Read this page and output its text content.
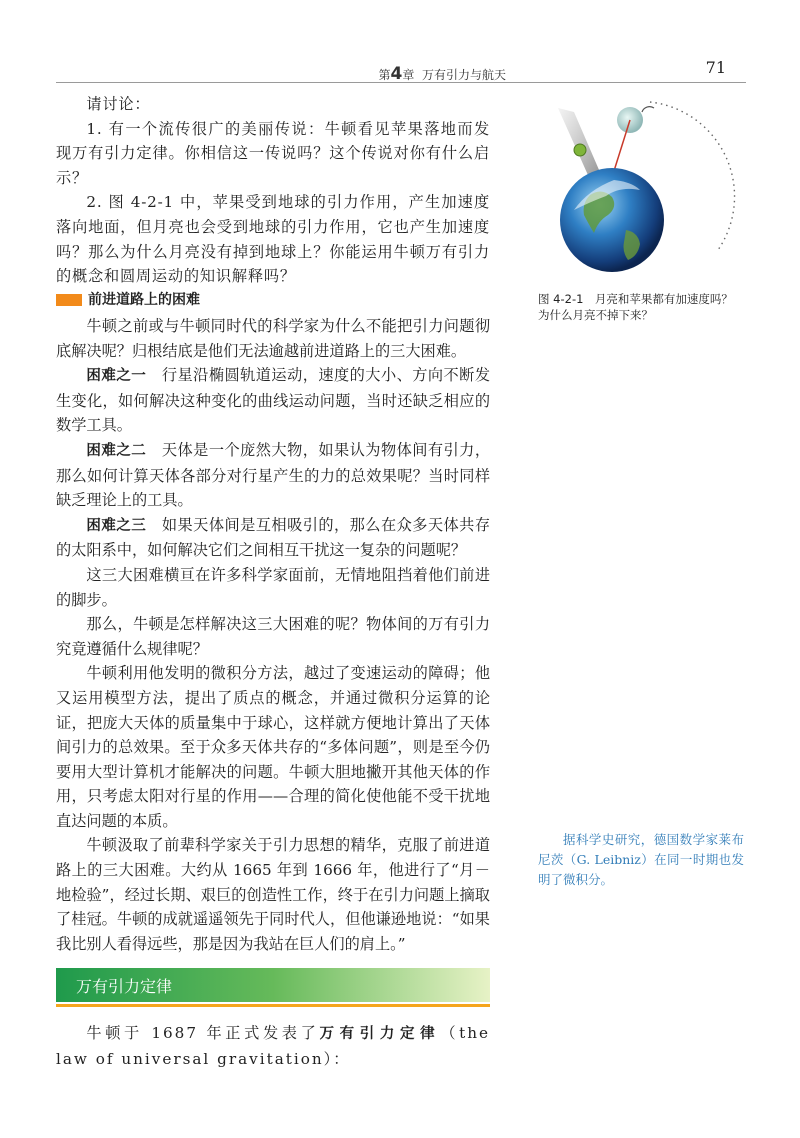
第4章 万有引力与航天	71

请讨论：

1. 有一个流传很广的美丽传说：牛顿看见苹果落地而发现万有引力定律。你相信这一传说吗？这个传说对你有什么启示？

2. 图 4-2-1 中，苹果受到地球的引力作用，产生加速度落向地面，但月亮也会受到地球的引力作用，它也产生加速度吗？那么为什么月亮没有掉到地球上？你能运用牛顿万有引力的概念和圆周运动的知识解释吗？

前进道路上的困难

牛顿之前或与牛顿同时代的科学家为什么不能把引力问题彻底解决呢？归根结底是他们无法逾越前进道路上的三大困难。

困难之一　 行星沿椭圆轨道运动，速度的大小、方向不断发生变化，如何解决这种变化的曲线运动问题，当时还缺乏相应的数学工具。

困难之二　 天体是一个庞然大物，如果认为物体间有引力，那么如何计算天体各部分对行星产生的力的总效果呢？当时同样缺乏理论上的工具。

困难之三　 如果天体间是互相吸引的，那么在众多天体共存的太阳系中，如何解决它们之间相互干扰这一复杂的问题呢？

这三大困难横亘在许多科学家面前，无情地阻挡着他们前进的脚步。

那么，牛顿是怎样解决这三大困难的呢？物体间的万有引力究竟遵循什么规律呢？

牛顿利用他发明的微积分方法，越过了变速运动的障碍；他又运用模型方法，提出了质点的概念，并通过微积分运算的论证，把庞大天体的质量集中于球心，这样就方便地计算出了天体间引力的总效果。至于众多天体共存的“多体问题”，则是至今仍要用大型计算机才能解决的问题。牛顿大胆地撇开其他天体的作用，只考虑太阳对行星的作用——合理的简化使他能不受干扰地直达问题的本质。

牛顿汲取了前辈科学家关于引力思想的精华，克服了前进道路上的三大困难。大约从 1665 年到 1666 年，他进行了“月－地检验”，经过长期、艰巨的创造性工作，终于在引力问题上摘取了桂冠。牛顿的成就遥遥领先于同时代人，但他谦逊地说：“如果我比别人看得远些，那是因为我站在巨人们的肩上。”

万有引力定律

牛顿于 1687 年正式发表了万有引力定律（the law of universal gravitation）：

图 4-2-1　月亮和苹果都有加速度吗？为什么月亮不掉下来？
据科学史研究，德国数学家莱布尼茨（G. Leibniz）在同一时期也发明了微积分。
